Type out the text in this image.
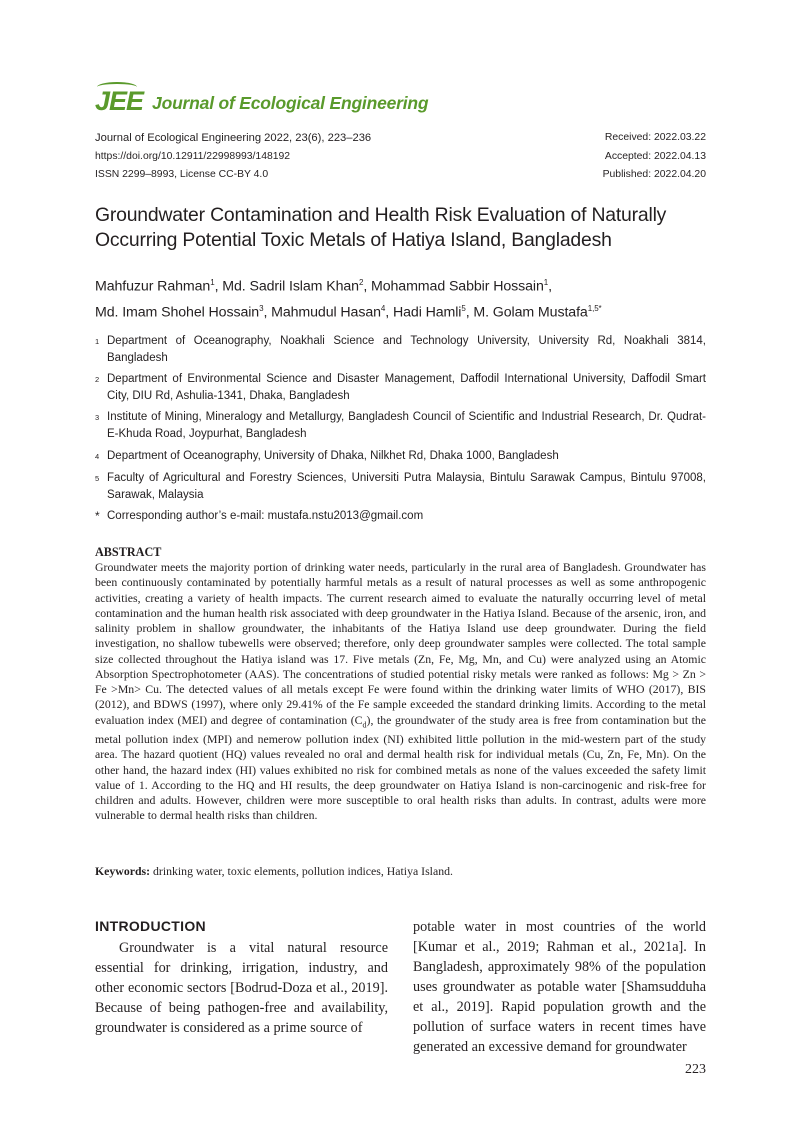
JEE Journal of Ecological Engineering
Journal of Ecological Engineering 2022, 23(6), 223–236
https://doi.org/10.12911/22998993/148192
ISSN 2299–8993, License CC-BY 4.0
Received: 2022.03.22
Accepted: 2022.04.13
Published: 2022.04.20
Groundwater Contamination and Health Risk Evaluation of Naturally
Occurring Potential Toxic Metals of Hatiya Island, Bangladesh
Mahfuzur Rahman$^1$, Md. Sadril Islam Khan$^2$, Mohammad Sabbir Hossain$^1$,
Md. Imam Shohel Hossain$^3$, Mahmudul Hasan$^4$, Hadi Hamli$^5$, M. Golam Mustafa$^{1,5*}$
1 Department of Oceanography, Noakhali Science and Technology University, University Rd, Noakhali 3814, Bangladesh
2 Department of Environmental Science and Disaster Management, Daffodil International University, Daffodil Smart City, DIU Rd, Ashulia-1341, Dhaka, Bangladesh
3 Institute of Mining, Mineralogy and Metallurgy, Bangladesh Council of Scientific and Industrial Research, Dr. Qudrat-E-Khuda Road, Joypurhat, Bangladesh
4 Department of Oceanography, University of Dhaka, Nilkhet Rd, Dhaka 1000, Bangladesh
5 Faculty of Agricultural and Forestry Sciences, Universiti Putra Malaysia, Bintulu Sarawak Campus, Bintulu 97008, Sarawak, Malaysia
* Corresponding author’s e-mail: mustafa.nstu2013@gmail.com
ABSTRACT

Groundwater meets the majority portion of drinking water needs, particularly in the rural area of Bangladesh. Groundwater has been continuously contaminated by potentially harmful metals as a result of natural processes as well as some anthropogenic activities, creating a variety of health impacts. The current research aimed to evaluate the naturally occurring level of metal contamination and the human health risk associated with deep groundwater in the Hatiya Island. Because of the arsenic, iron, and salinity problem in shallow groundwater, the inhabitants of the Hatiya Island use deep groundwater. During the field investigation, no shallow tubewells were observed; therefore, only deep groundwater samples were collected. The total sample size collected throughout the Hatiya island was 17. Five metals (Zn, Fe, Mg, Mn, and Cu) were analyzed using an Atomic Absorption Spectrophotometer (AAS). The concentrations of studied potential risky metals were ranked as follows: Mg > Zn > Fe >Mn> Cu. The detected values of all metals except Fe were found within the drinking water limits of WHO (2017), BIS (2012), and BDWS (1997), where only 29.41% of the Fe sample exceeded the standard drinking limits. According to the metal evaluation index (MEI) and degree of contamination $(C_d)$, the groundwater of the study area is free from contamination but the metal pollution index (MPI) and nemerow pollution index (NI) exhibited little pollution in the mid-western part of the study area. The hazard quotient (HQ) values revealed no oral and dermal health risk for individual metals (Cu, Zn, Fe, Mn). On the other hand, the hazard index (HI) values exhibited no risk for combined metals as none of the values exceeded the safety limit value of 1. According to the HQ and HI results, the deep groundwater on Hatiya Island is non-carcinogenic and risk-free for children and adults. However, children were more susceptible to oral health risks than adults. In contrast, adults were more vulnerable to dermal health risks than children.

Keywords: drinking water, toxic elements, pollution indices, Hatiya Island.
INTRODUCTION

Groundwater is a vital natural resource essential for drinking, irrigation, industry, and other economic sectors [Bodrud-Doza et al., 2019]. Because of being pathogen-free and availability, groundwater is considered as a prime source of

potable water in most countries of the world [Kumar et al., 2019; Rahman et al., 2021a]. In Bangladesh, approximately 98% of the population uses groundwater as potable water [Shamsudduha et al., 2019]. Rapid population growth and the pollution of surface waters in recent times have generated an excessive demand for groundwater

223
